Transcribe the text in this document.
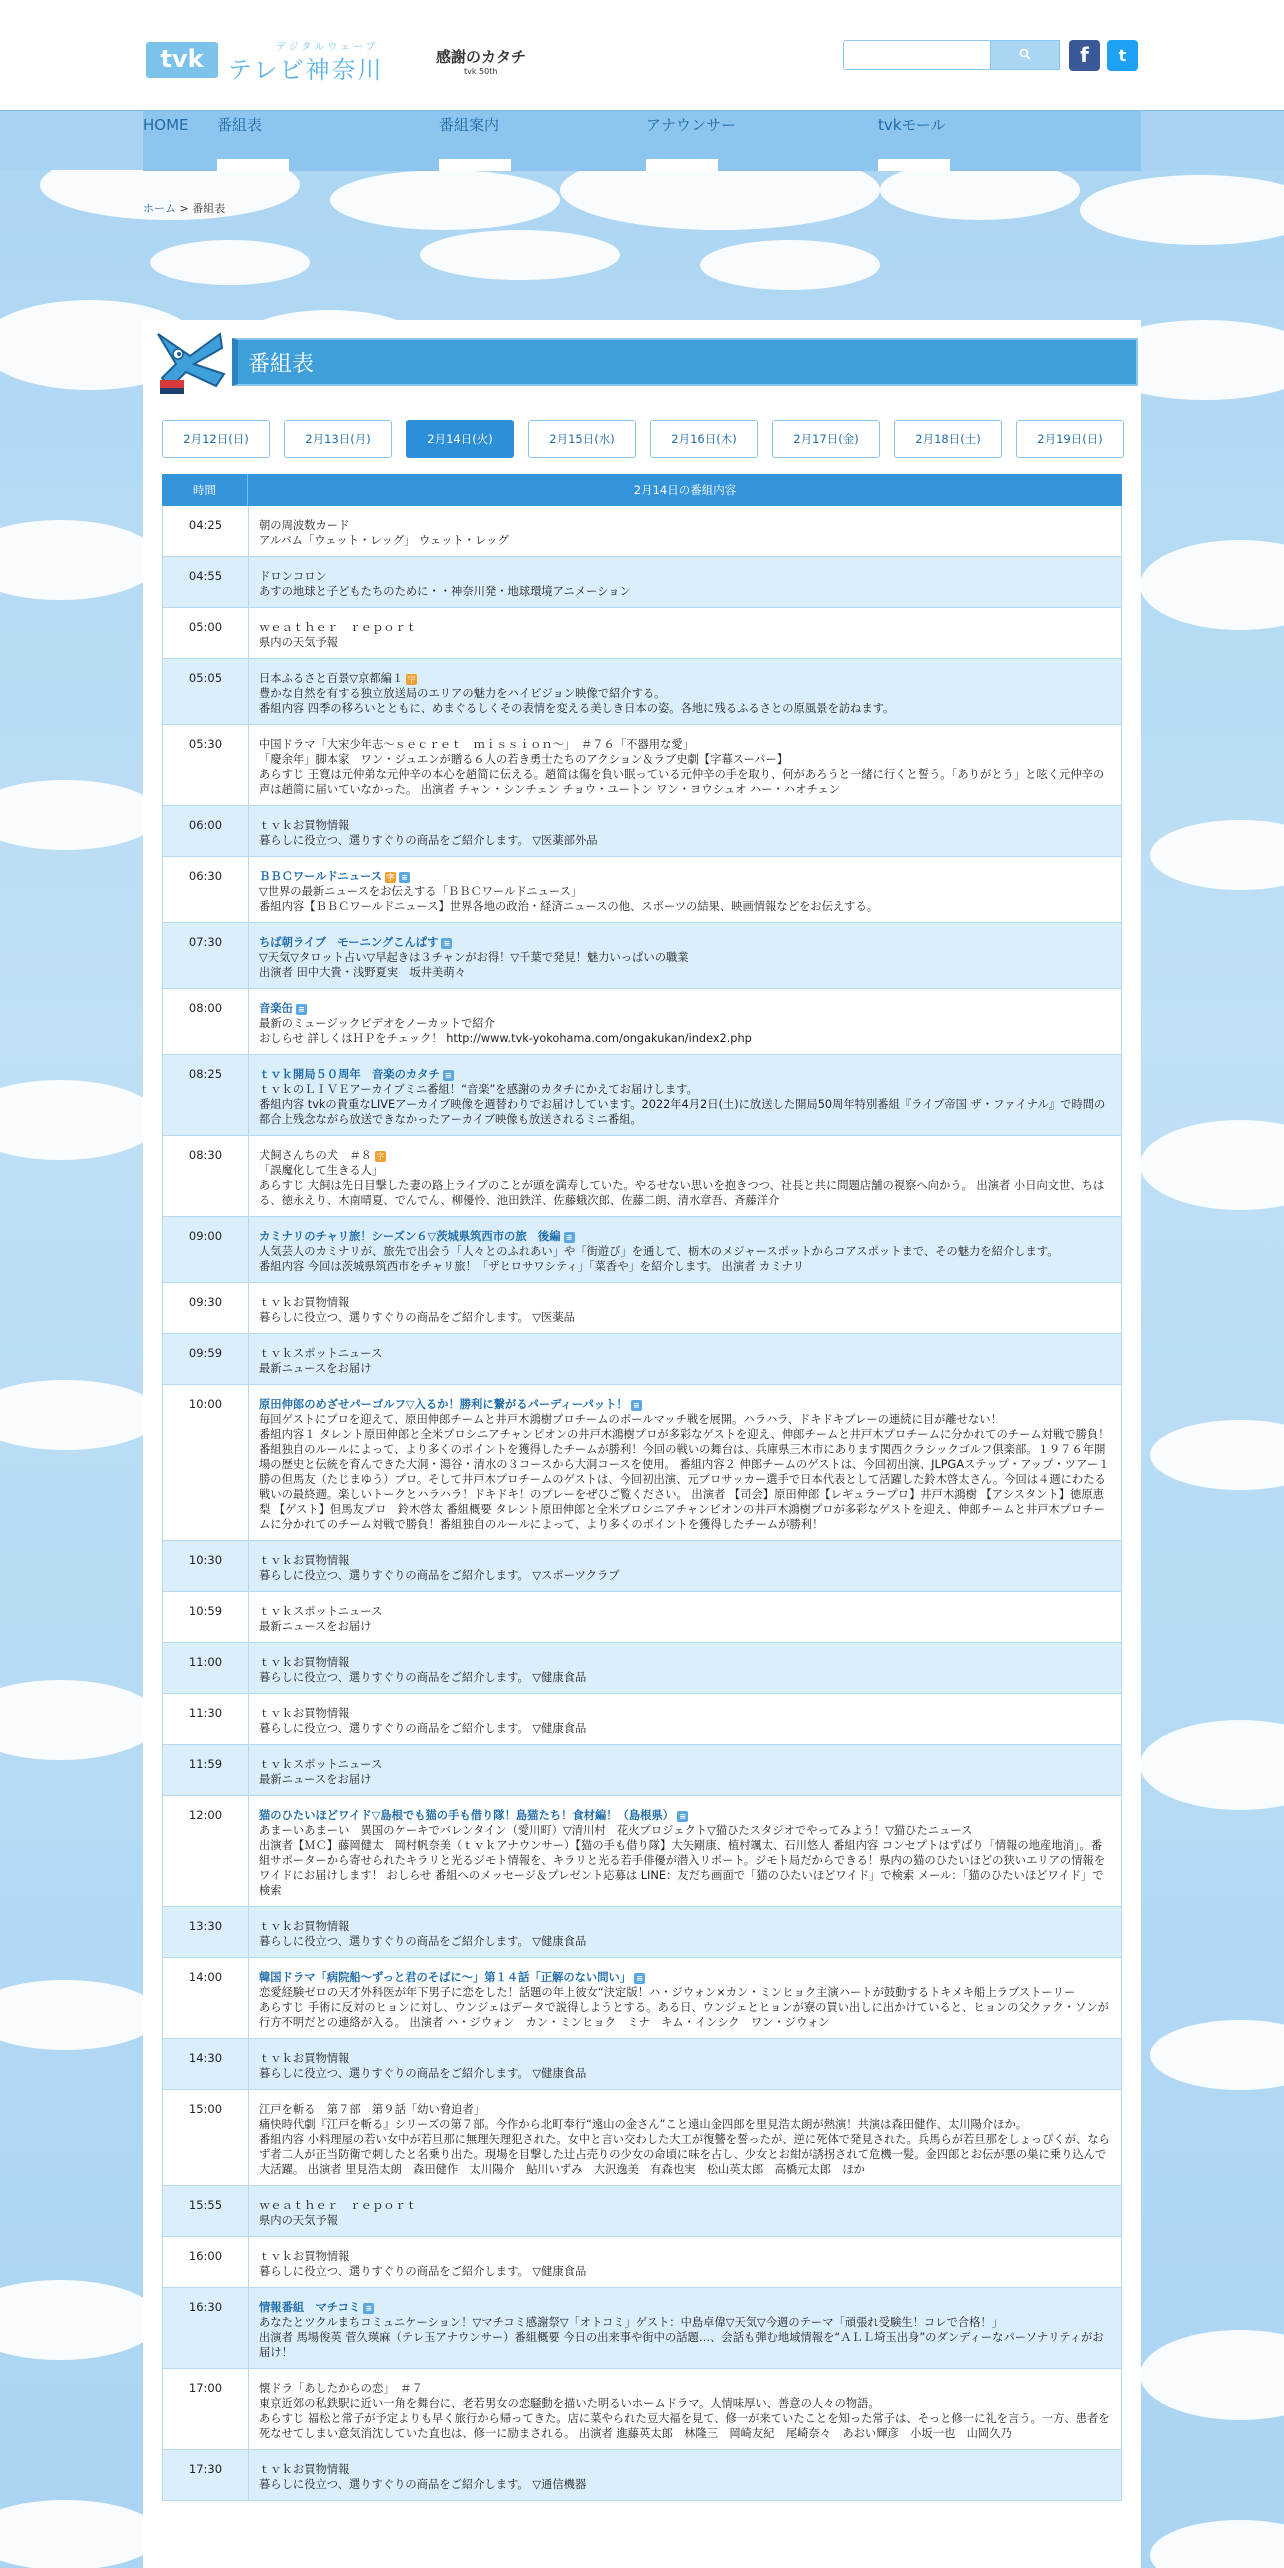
tvk	デジタルウェーブ
テレビ神奈川	感謝のカタチ
tvk 50th
f	t
HOME 番組表	番組案内	アナウンサー	tvkモール
ホーム > 番組表
番組表
2月12日(日)	2月13日(月)	2月14日(火)	2月15日(水)	2月16日(木)	2月17日(金)	2月18日(土)	2月19日(日)
時間	2月14日の番組内容
04:25	朝の周波数カード
アルバム「ウェット・レッグ」 ウェット・レッグ
04:55	ドロンコロン
あすの地球と子どもたちのために・・神奈川発・地球環境アニメーション
05:00	ｗｅａｔｈｅｒ　ｒｅｐｏｒｔ
県内の天気予報
05:05	日本ふるさと百景▽京都編１ 字
豊かな自然を有する独立放送局のエリアの魅力をハイビジョン映像で紹介する。
番組内容 四季の移ろいとともに、めまぐるしくその表情を変える美しき日本の姿。各地に残るふるさとの原風景を訪ねます。
05:30	中国ドラマ「大宋少年志～ｓｅｃｒｅｔ　ｍｉｓｓｉｏｎ～」　＃７６「不器用な愛」
「慶余年」脚本家　ワン・ジュエンが贈る６人の若き勇士たちのアクション＆ラブ史劇【字幕スーパー】
あらすじ 王寛は元仲弟な元仲辛の本心を趙简に伝える。趙简は傷を負い眠っている元仲辛の手を取り、何があろうと一緒に行くと誓う。「ありがとう」と呟く元仲辛の声は趙简に届いていなかった。 出演者 チャン・シンチェン チョウ・ユートン ワン・ヨウシュオ ハー・ハオチェン
06:00	ｔｖｋお買物情報
暮らしに役立つ、選りすぐりの商品をご紹介します。 ▽医薬部外品
06:30	ＢＢＣワールドニュース 字 ≡
▽世界の最新ニュースをお伝えする「ＢＢＣワールドニュース」
番組内容【ＢＢＣワールドニュース】世界各地の政治・経済ニュースの他、スポーツの結果、映画情報などをお伝えする。
07:30	ちば朝ライブ　モーニングこんぱす ≡
▽天気▽タロット占い▽早起きは３チャンがお得！▽千葉で発見！魅力いっぱいの職業
出演者 田中大貴・浅野夏実　坂井美萌々
08:00	音楽缶 ≡
最新のミュージックビデオをノーカットで紹介
おしらせ 詳しくはＨＰをチェック！ http://www.tvk-yokohama.com/ongakukan/index2.php
08:25	ｔｖｋ開局５０周年　音楽のカタチ ≡
ｔｖｋのＬＩＶＥアーカイブミニ番組！“音楽”を感謝のカタチにかえてお届けします。
番組内容 tvkの貴重なLIVEアーカイブ映像を週替わりでお届けしています。2022年4月2日(土)に放送した開局50周年特別番組『ライブ帝国 ザ・ファイナル』で時間の都合上残念ながら放送できなかったアーカイブ映像も放送されるミニ番組。
08:30	犬飼さんちの犬　＃８ 字
「誤魔化して生きる人」
あらすじ 大飼は先日目撃した妻の路上ライブのことが頭を満寿していた。やるせない思いを抱きつつ、社長と共に問題店舗の視察へ向かう。 出演者 小日向文世、ちはる、徳永えり、木南晴夏、でんでん、柳優怜、池田鉄洋、佐藤蛾次郎、佐藤二朗、清水章吾、斉藤洋介
09:00	カミナリのチャリ旅！シーズン６▽茨城県筑西市の旅　後編 ≡
人気芸人のカミナリが、旅先で出会う「人々とのふれあい」や「街遊び」を通して、栃木のメジャースポットからコアスポットまで、その魅力を紹介します。
番組内容 今回は茨城県筑西市をチャリ旅！「ザヒロサワシティ」「菜香や」を紹介します。 出演者 カミナリ
09:30	ｔｖｋお買物情報
暮らしに役立つ、選りすぐりの商品をご紹介します。 ▽医薬品
09:59	ｔｖｋスポットニュース
最新ニュースをお届け
10:00	原田伸郎のめざせパーゴルフ▽入るか！勝利に繋がるパーディーパット！ ≡
毎回ゲストにプロを迎えて、原田伸郎チームと井戸木鴻樹プロチームのボールマッチ戦を展開。ハラハラ、ドキドキプレーの連続に目が離せない！
番組内容１ タレント原田伸郎と全米プロシニアチャンピオンの井戸木鴻樹プロが多彩なゲストを迎え、伸郎チームと井戸木プロチームに分かれてのチーム対戦で勝負！番組独自のルールによって、より多くのポイントを獲得したチームが勝利！今回の戦いの舞台は、兵庫県三木市にあります関西クラシックゴルフ倶楽部。１９７６年開場の歴史と伝統を育んできた大洞・湯谷・清水の３コースから大洞コースを使用。 番組内容２ 伸郎チームのゲストは、今回初出演、JLPGAステップ・アップ・ツアー１勝の但馬友（たじまゆう）プロ。そして井戸木プロチームのゲストは、今回初出演、元プロサッカー選手で日本代表として活躍した鈴木啓太さん。今回は４週にわたる戦いの最終週。楽しいトークとハラハラ！ドキドキ！のプレーをぜひご覧ください。 出演者 【司会】原田伸郎【レギュラープロ】井戸木鴻樹 【アシスタント】徳原恵梨 【ゲスト】但馬友プロ　鈴木啓太 番組概要 タレント原田伸郎と全米プロシニアチャンピオンの井戸木鴻樹プロが多彩なゲストを迎え、伸郎チームと井戸木プロチームに分かれてのチーム対戦で勝負！番組独自のルールによって、より多くのポイントを獲得したチームが勝利！
10:30	ｔｖｋお買物情報
暮らしに役立つ、選りすぐりの商品をご紹介します。 ▽スポーツクラブ
10:59	ｔｖｋスポットニュース
最新ニュースをお届け
11:00	ｔｖｋお買物情報
暮らしに役立つ、選りすぐりの商品をご紹介します。 ▽健康食品
11:30	ｔｖｋお買物情報
暮らしに役立つ、選りすぐりの商品をご紹介します。 ▽健康食品
11:59	ｔｖｋスポットニュース
最新ニュースをお届け
12:00	猫のひたいほどワイド▽島根でも猫の手も借り隊！島猫たち！食材編！（島根県） ≡
あまーいあまーい　異国のケーキでバレンタイン（愛川町）▽清川村　花火プロジェクト▽猫ひたスタジオでやってみよう！▽猫ひたニュース
出演者【ＭＣ】藤岡健太　岡村帆奈美（ｔｖｋアナウンサー）【猫の手も借り隊】大矢剛康、植村颯太、石川悠人 番組内容 コンセプトはずばり「情報の地産地消」。番組サポーターから寄せられたキラリと光るジモト情報を、キラリと光る若手俳優が潜入リポート。ジモト局だからできる！県内の猫のひたいほどの狭いエリアの情報をワイドにお届けします！ おしらせ 番組へのメッセージ＆プレゼント応募は LINE：友だち画面で「猫のひたいほどワイド」で検索 メール：「猫のひたいほどワイド」で検索
13:30	ｔｖｋお買物情報
暮らしに役立つ、選りすぐりの商品をご紹介します。 ▽健康食品
14:00	韓国ドラマ「病院船～ずっと君のそばに～」第１４話「正解のない問い」 ≡
恋愛経験ゼロの天才外科医が年下男子に恋をした！話題の年上彼女“決定版！ハ・ジウォン×カン・ミンヒョク主演ハートが鼓動するトキメキ船上ラブストーリー
あらすじ 手術に反対のヒョンに対し、ウンジェはデータで説得しようとする。ある日、ウンジェとヒョンが寮の買い出しに出かけていると、ヒョンの父クァク・ソンが行方不明だとの連絡が入る。 出演者 ハ・ジウォン　カン・ミンヒョク　ミナ　キム・インシク　ワン・ジウォン
14:30	ｔｖｋお買物情報
暮らしに役立つ、選りすぐりの商品をご紹介します。 ▽健康食品
15:00	江戸を斬る　第７部　第９話「幼い脅迫者」
痛快時代劇『江戸を斬る』シリーズの第７部。今作から北町奉行“遠山の金さん”こと遠山金四郎を里見浩太朗が熱演！共演は森田健作、太川陽介ほか。
番組内容 小料理屋の若い女中が若旦那に無理矢理犯された。女中と言い交わした大工が復讐を誓ったが、逆に死体で発見された。兵馬らが若旦那をしょっぴくが、ならず者二人が正当防衛で刺したと名乗り出た。現場を目撃した辻占売りの少女の命頃に味を占し、少女とお紺が誘拐されて危機一髪。金四郎とお伝が悪の巣に乗り込んで大活躍。 出演者 里見浩太朗　森田健作　太川陽介　鮎川いずみ　大沢逸美　有森也実　松山英太郎　高橋元太郎　ほか
15:55	ｗｅａｔｈｅｒ　ｒｅｐｏｒｔ
県内の天気予報
16:00	ｔｖｋお買物情報
暮らしに役立つ、選りすぐりの商品をご紹介します。 ▽健康食品
16:30	情報番組　マチコミ ≡
あなたとツクルまちコミュニケーション！▽マチコミ感謝祭▽「オトコミ」ゲスト：中島卓偉▽天気▽今週のテーマ「頑張れ受験生！コレで合格！」
出演者 馬場俊英 菅久瑛麻（テレ玉アナウンサー）番組概要 今日の出来事や街中の話題…、会話も弾む地域情報を“ＡＬＬ埼玉出身”のダンディーなパーソナリティがお届け！
17:00	懐ドラ「あしたからの恋」　＃７
東京近郊の私鉄駅に近い一角を舞台に、老若男女の恋騒動を描いた明るいホームドラマ。人情味厚い、善意の人々の物語。
あらすじ 福松と常子が予定よりも早く旅行から帰ってきた。店に菜やられた豆大福を見て、修一が来ていたことを知った常子は、そっと修一に礼を言う。一方、患者を死なせてしまい意気消沈していた直也は、修一に励まされる。 出演者 進藤英太郎　林隆三　岡崎友紀　尾崎奈々　あおい輝彦　小坂一也　山岡久乃
17:30	ｔｖｋお買物情報
暮らしに役立つ、選りすぐりの商品をご紹介します。 ▽通信機器
